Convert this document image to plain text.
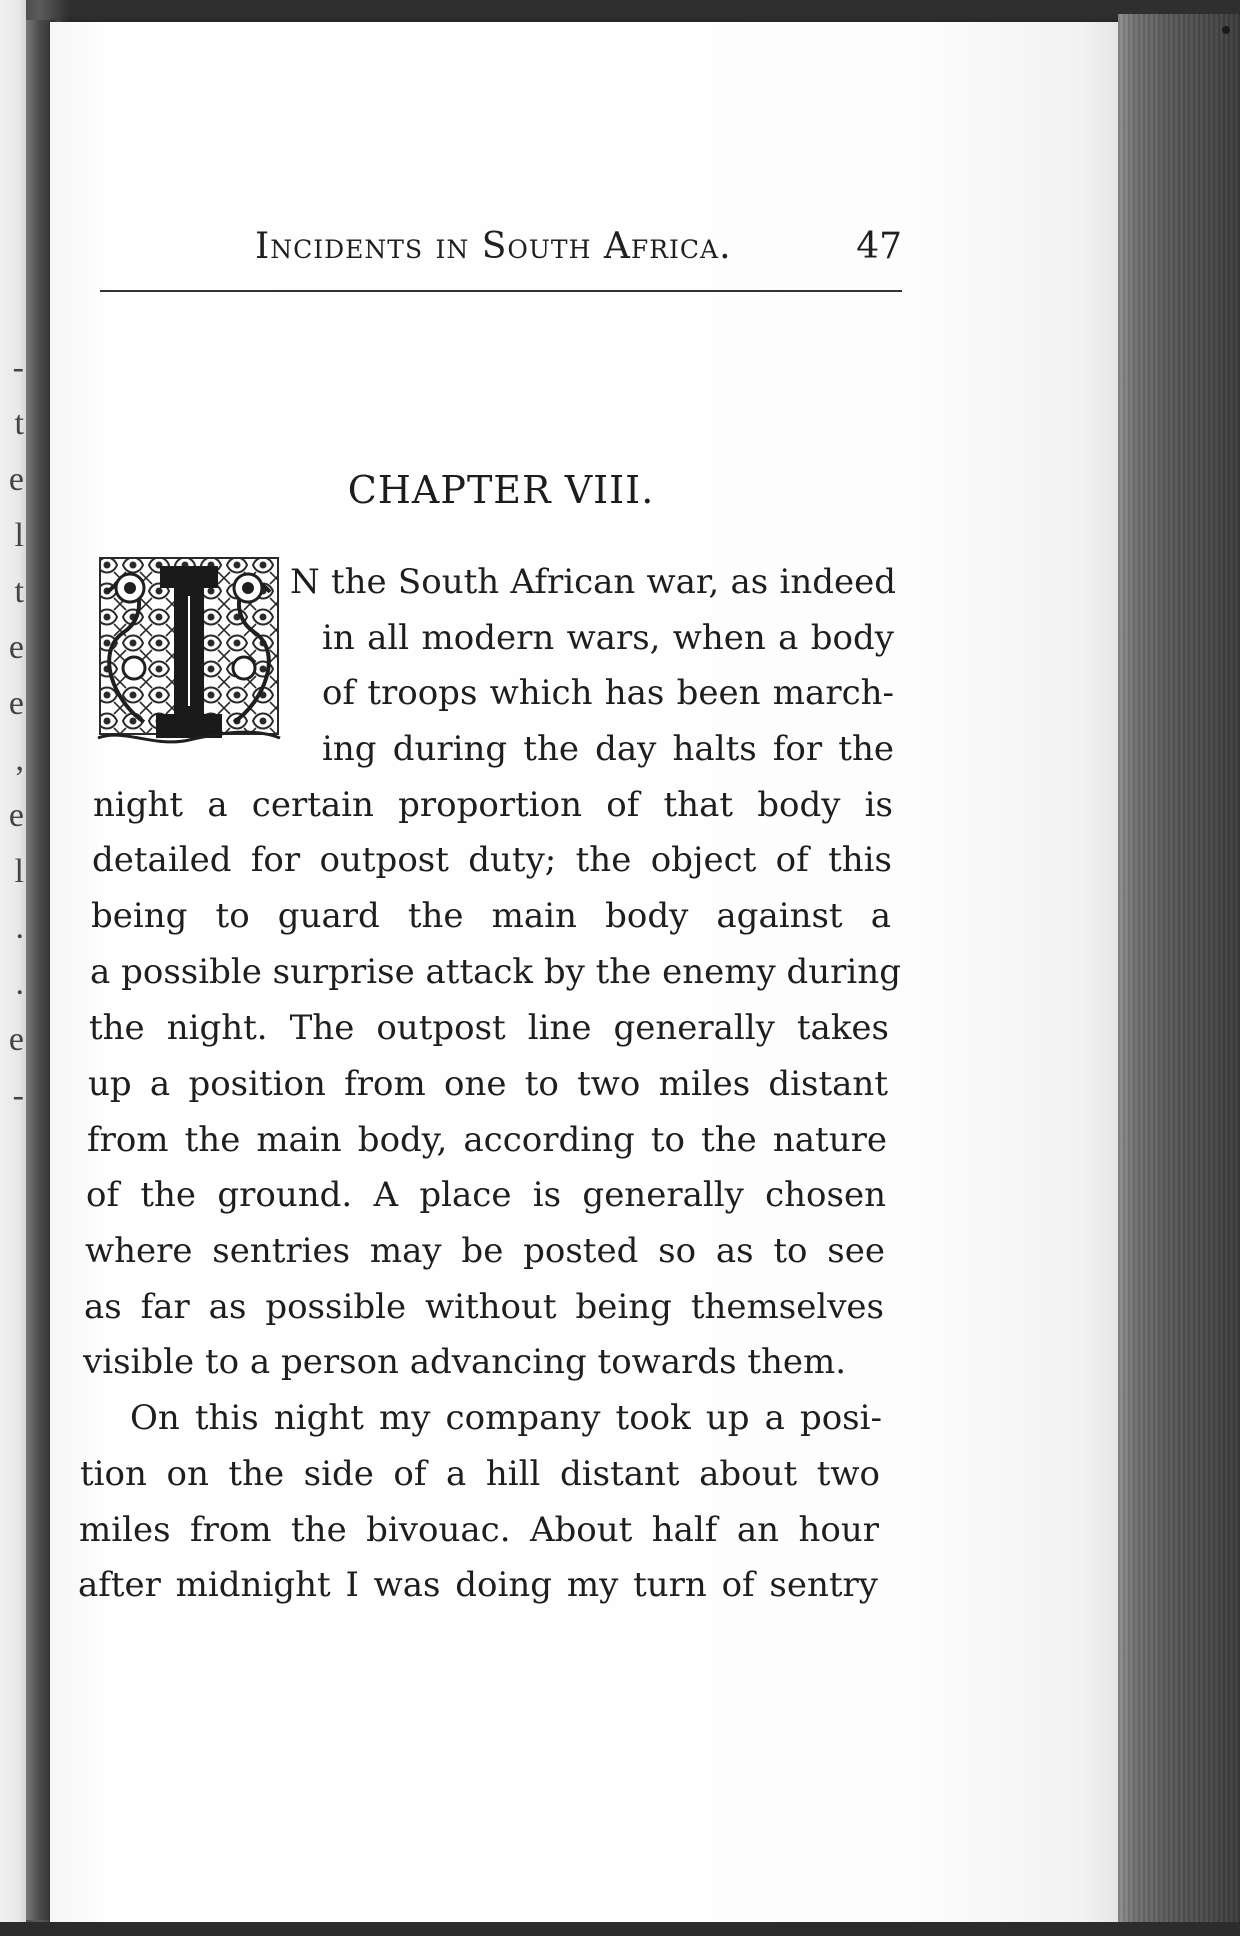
-
t
e
l
t
e
e
,
e
l
.
.
e
-
Incidents in South Africa.	47
CHAPTER VIII.
N the South African war, as indeed
in all modern wars, when a body
of troops which has been march-
ing during the day halts for the
night a certain proportion of that body is
detailed for outpost duty; the object of this
being to guard the main body against a
a possible surprise attack by the enemy during
the night. The outpost line generally takes
up a position from one to two miles distant
from the main body, according to the nature
of the ground. A place is generally chosen
where sentries may be posted so as to see
as far as possible without being themselves
visible to a person advancing towards them.
On this night my company took up a posi-
tion on the side of a hill distant about two
miles from the bivouac. About half an hour
after midnight I was doing my turn of sentry
